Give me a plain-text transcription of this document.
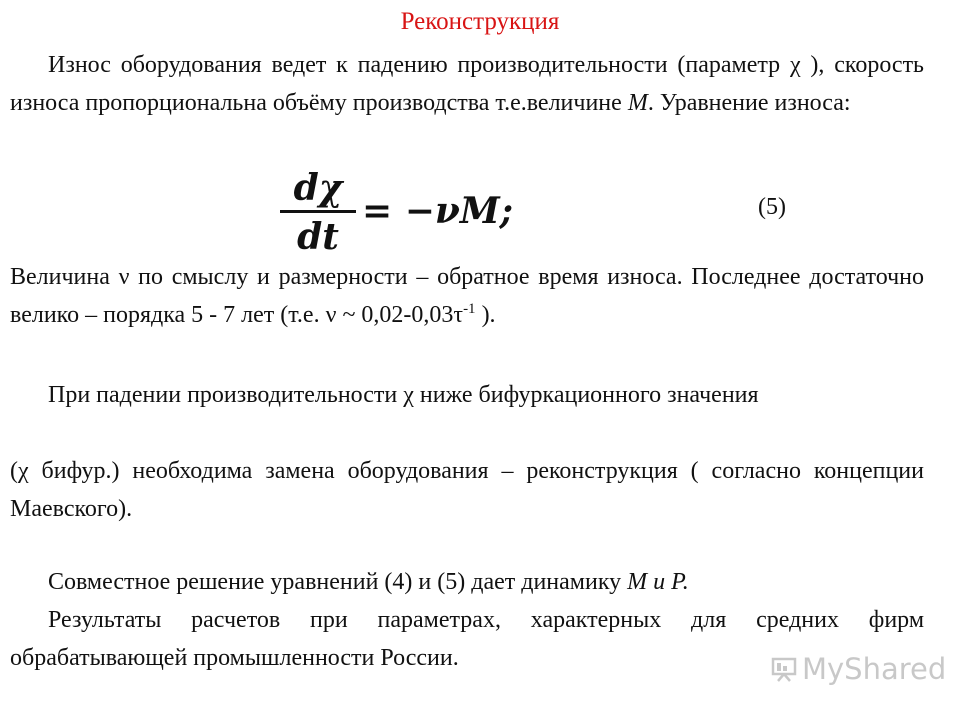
Реконструкция

Износ оборудования ведет к падению производительности (параметр χ ), скорость износа пропорциональна объёму производства т.е.величине M. Уравнение износа:

dχ
dt
= −νM;	(5)

Величина ν по смыслу и размерности – обратное время износа. Последнее достаточно велико – порядка 5 - 7 лет (т.е. ν ~ $0,02-0,03\tau^{-1}$ ).

При падении производительности χ ниже бифуркационного значения

(χ бифур.) необходима замена оборудования – реконструкция ( согласно концепции Маевского).

Совместное решение уравнений (4) и (5) дает динамику M и P.

Результаты расчетов при параметрах, характерных для средних фирм обрабатывающей промышленности России.	MyShared
